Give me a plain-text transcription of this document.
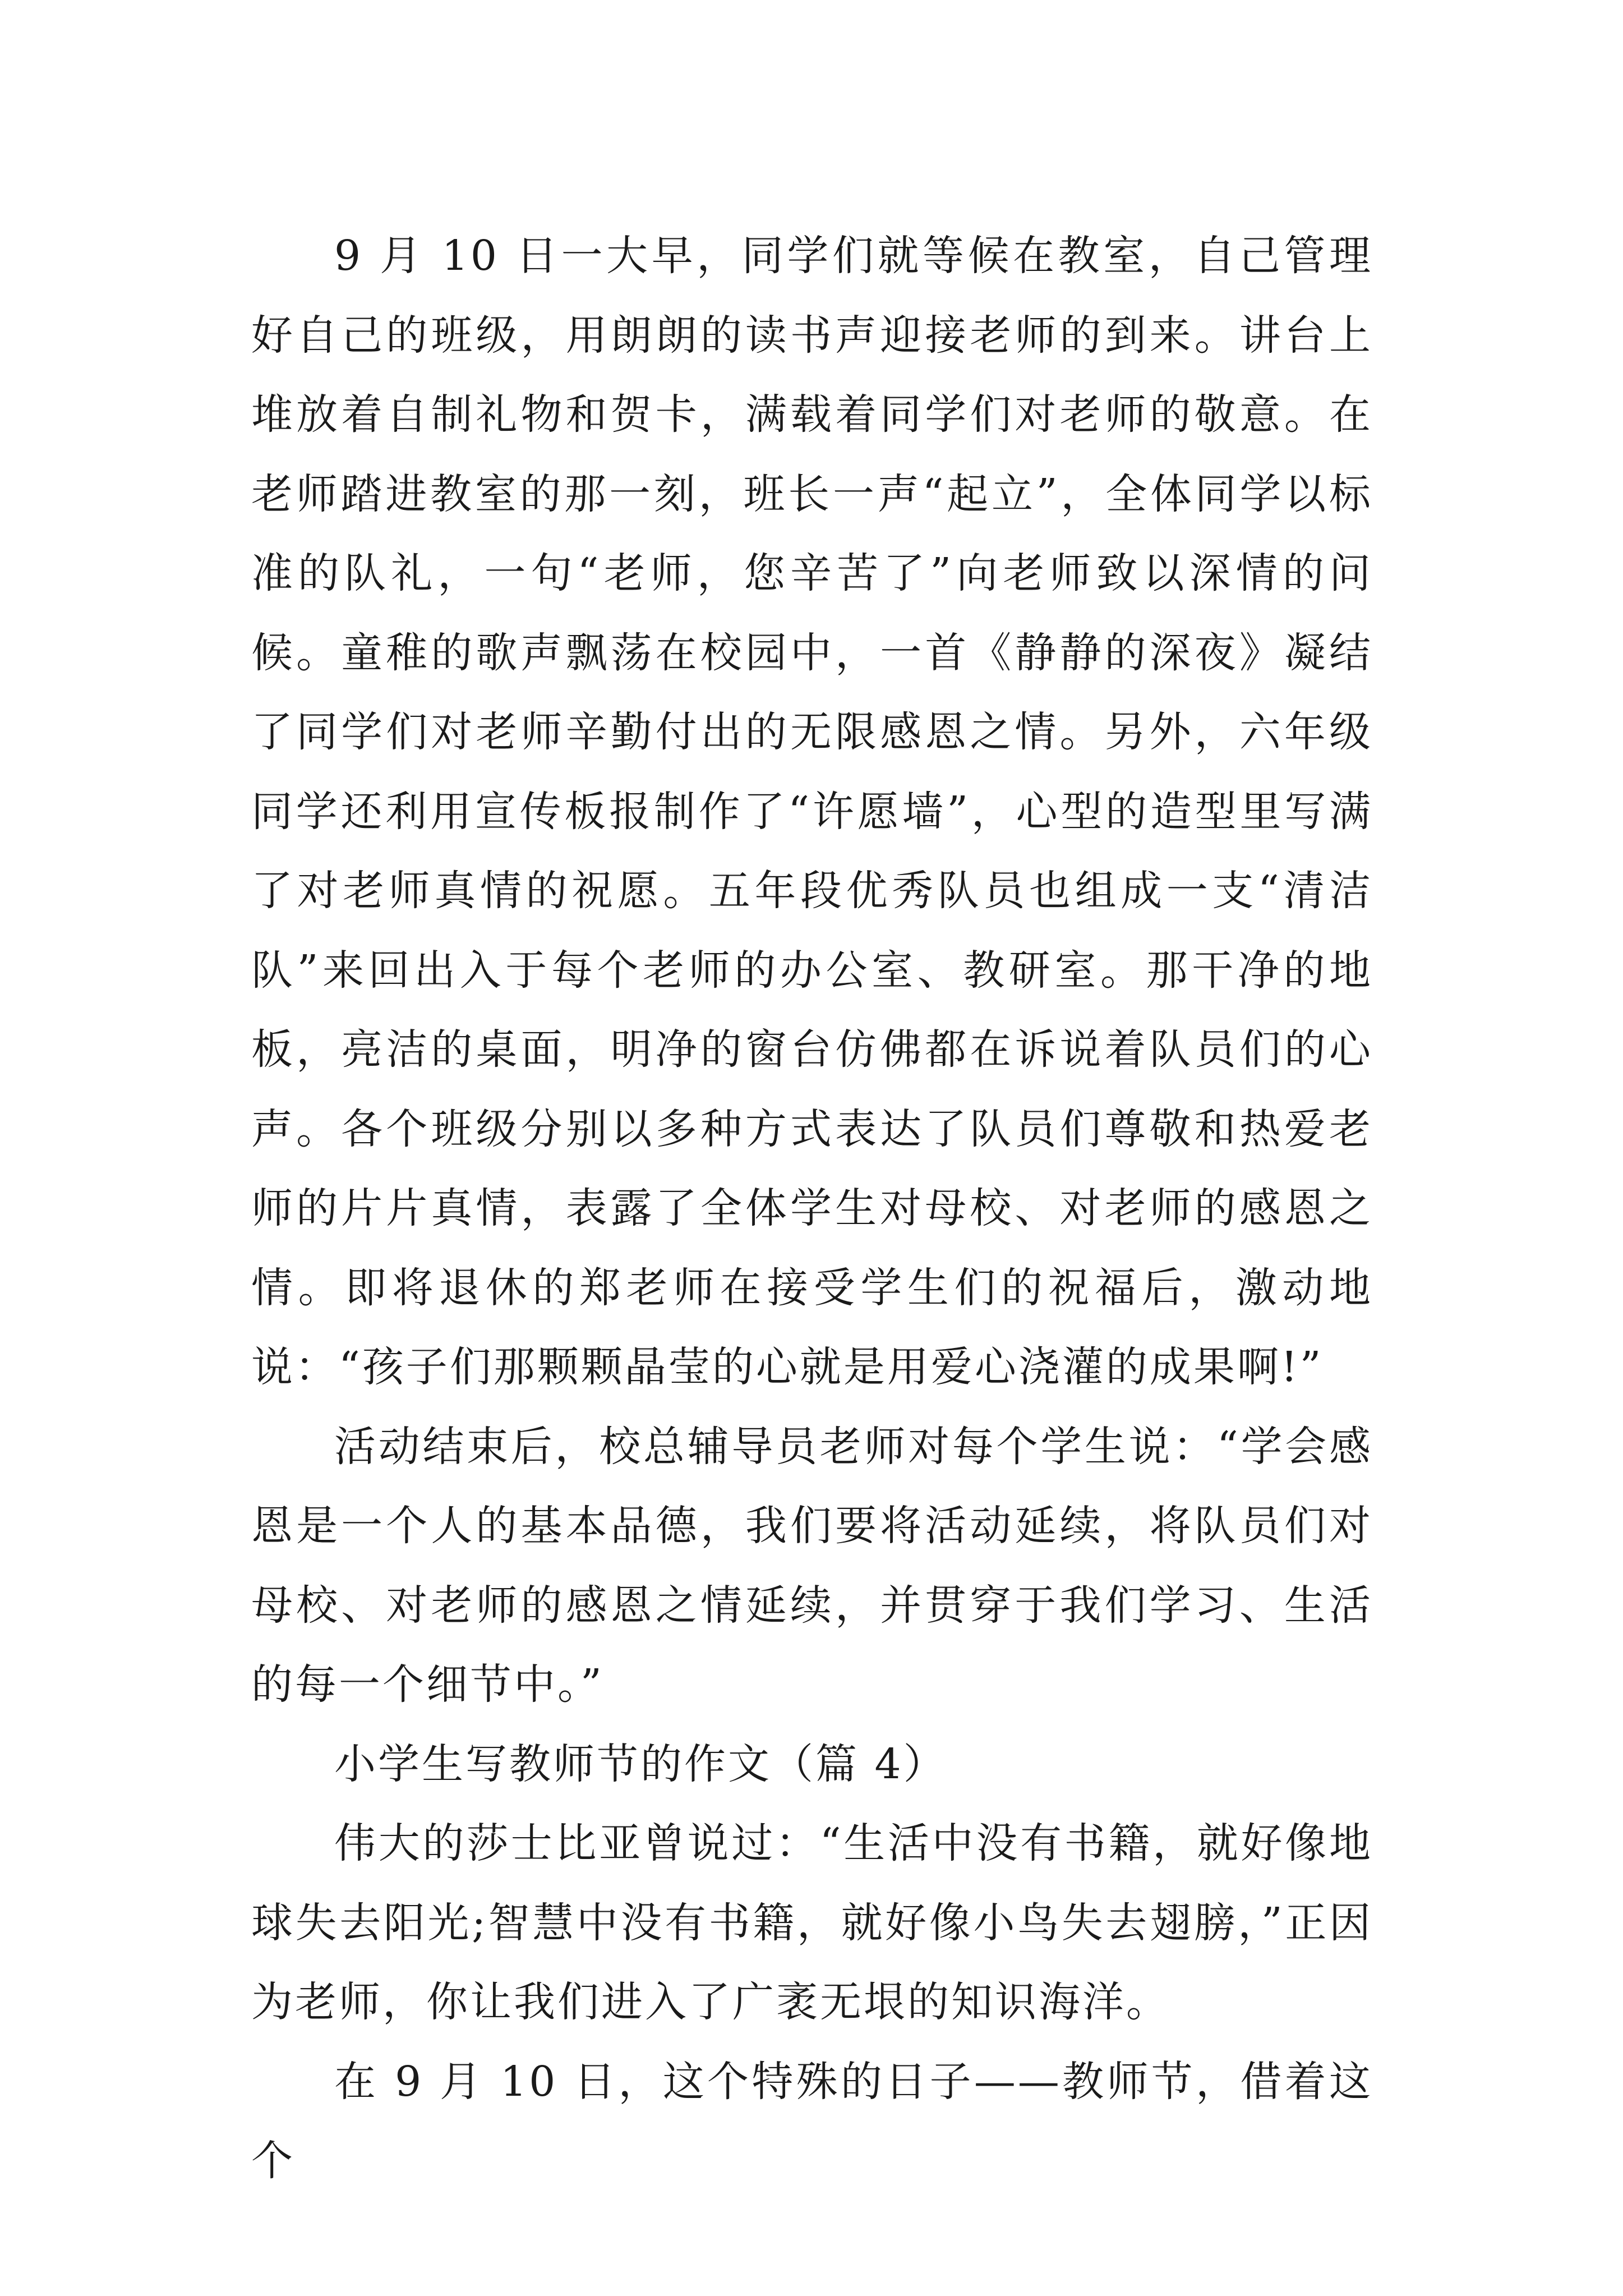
9 月 10 日一大早，同学们就等候在教室，自己管理好自己的班级，用朗朗的读书声迎接老师的到来。讲台上堆放着自制礼物和贺卡，满载着同学们对老师的敬意。在老师踏进教室的那一刻，班长一声“起立”，全体同学以标准的队礼，一句“老师，您辛苦了”向老师致以深情的问候。童稚的歌声飘荡在校园中，一首《静静的深夜》凝结了同学们对老师辛勤付出的无限感恩之情。另外，六年级同学还利用宣传板报制作了“许愿墙”，心型的造型里写满了对老师真情的祝愿。五年段优秀队员也组成一支“清洁队”来回出入于每个老师的办公室、教研室。那干净的地板，亮洁的桌面，明净的窗台仿佛都在诉说着队员们的心声。各个班级分别以多种方式表达了队员们尊敬和热爱老师的片片真情，表露了全体学生对母校、对老师的感恩之情。即将退休的郑老师在接受学生们的祝福后，激动地说：“孩子们那颗颗晶莹的心就是用爱心浇灌的成果啊!”

活动结束后，校总辅导员老师对每个学生说：“学会感恩是一个人的基本品德，我们要将活动延续，将队员们对母校、对老师的感恩之情延续，并贯穿于我们学习、生活的每一个细节中。”

小学生写教师节的作文（篇 4）

伟大的莎士比亚曾说过：“生活中没有书籍，就好像地球失去阳光;智慧中没有书籍，就好像小鸟失去翅膀，”正因为老师，你让我们进入了广袤无垠的知识海洋。

在 9 月 10 日，这个特殊的日子——教师节，借着这个
